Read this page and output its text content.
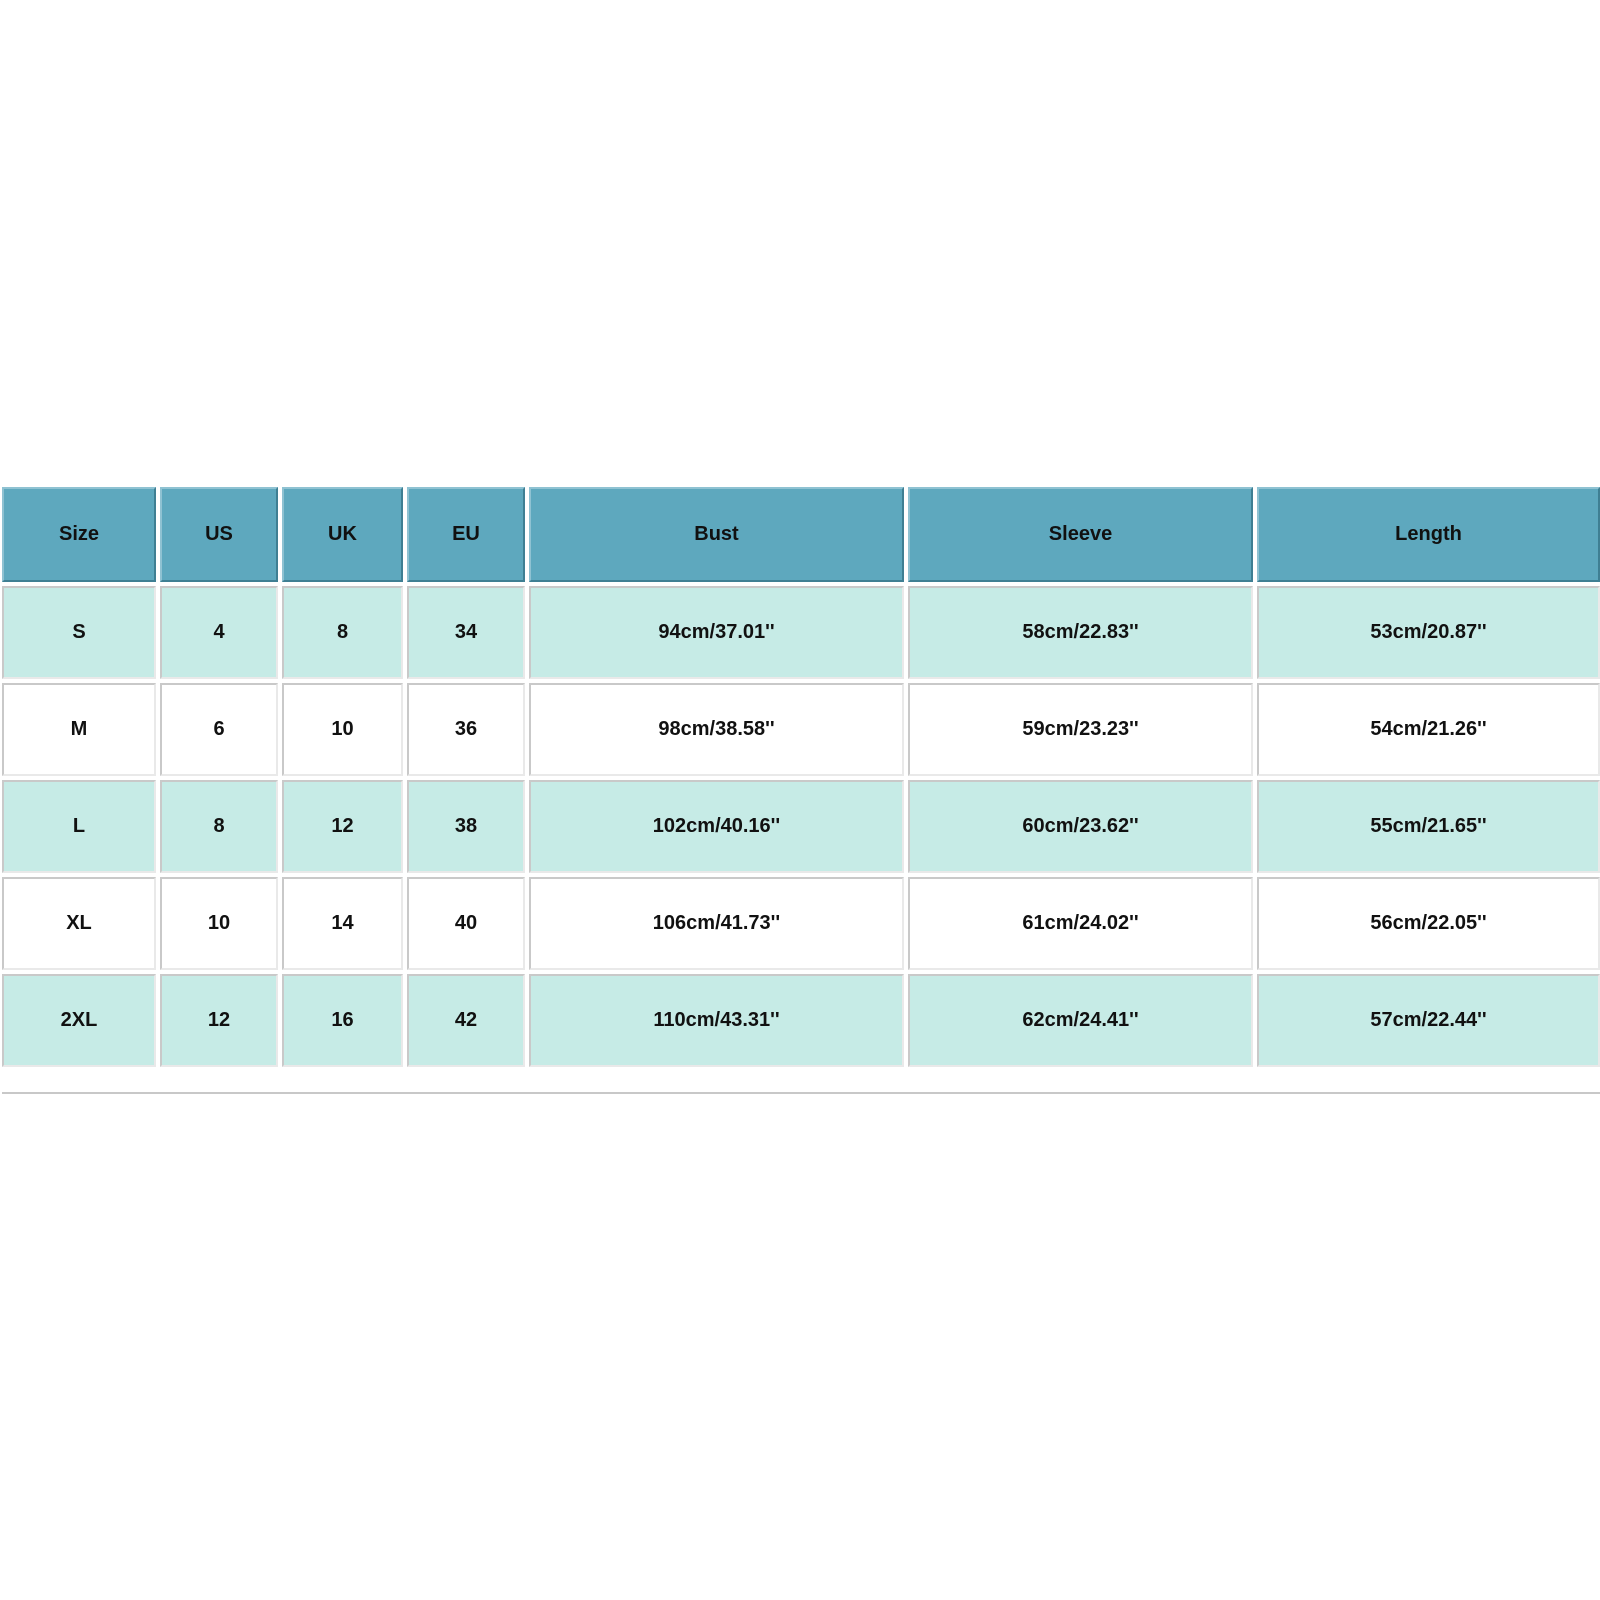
Size	US	UK	EU	Bust	Sleeve	Length
S	4	8	34	94cm/37.01''	58cm/22.83''	53cm/20.87''
M	6	10	36	98cm/38.58''	59cm/23.23''	54cm/21.26''
L	8	12	38	102cm/40.16''	60cm/23.62''	55cm/21.65''
XL	10	14	40	106cm/41.73''	61cm/24.02''	56cm/22.05''
2XL	12	16	42	110cm/43.31''	62cm/24.41''	57cm/22.44''
